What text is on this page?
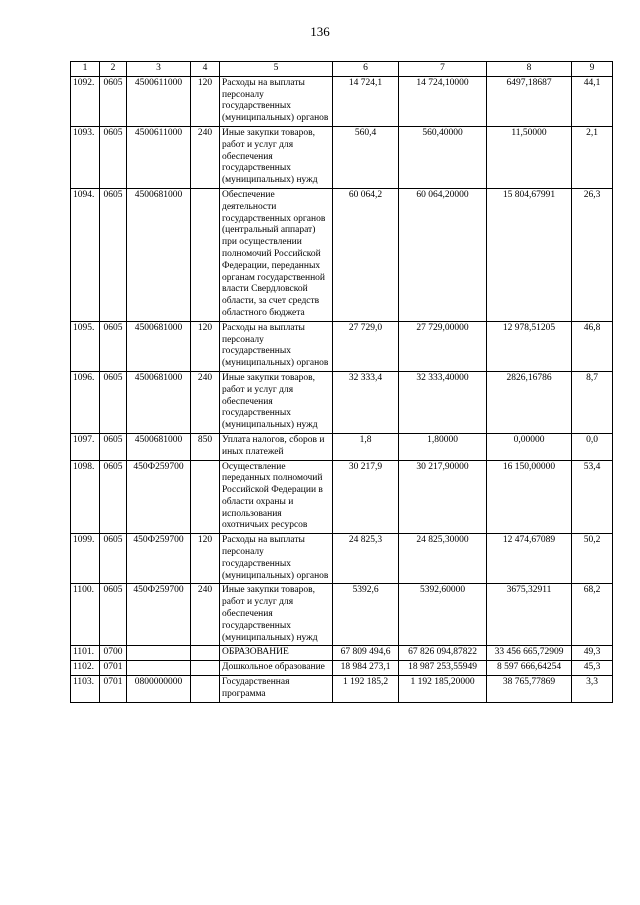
136
1	2	3	4	5	6	7	8	9
1092.	0605	4500611000	120	Расходы на выплаты персоналу государственных (муниципальных) органов	14 724,1	14 724,10000	6497,18687	44,1
1093.	0605	4500611000	240	Иные закупки товаров, работ и услуг для обеспечения государственных (муниципальных) нужд	560,4	560,40000	11,50000	2,1
1094.	0605	4500681000		Обеспечение деятельности государственных органов (центральный аппарат) при осуществлении полномочий Российской Федерации, переданных органам государственной власти Свердловской области, за счет средств областного бюджета	60 064,2	60 064,20000	15 804,67991	26,3
1095.	0605	4500681000	120	Расходы на выплаты персоналу государственных (муниципальных) органов	27 729,0	27 729,00000	12 978,51205	46,8
1096.	0605	4500681000	240	Иные закупки товаров, работ и услуг для обеспечения государственных (муниципальных) нужд	32 333,4	32 333,40000	2826,16786	8,7
1097.	0605	4500681000	850	Уплата налогов, сборов и иных платежей	1,8	1,80000	0,00000	0,0
1098.	0605	450Ф259700		Осуществление переданных полномочий Российской Федерации в области охраны и использования охотничьих ресурсов	30 217,9	30 217,90000	16 150,00000	53,4
1099.	0605	450Ф259700	120	Расходы на выплаты персоналу государственных (муниципальных) органов	24 825,3	24 825,30000	12 474,67089	50,2
1100.	0605	450Ф259700	240	Иные закупки товаров, работ и услуг для обеспечения государственных (муниципальных) нужд	5392,6	5392,60000	3675,32911	68,2
1101.	0700			ОБРАЗОВАНИЕ	67 809 494,6	67 826 094,87822	33 456 665,72909	49,3
1102.	0701			Дошкольное образование	18 984 273,1	18 987 253,55949	8 597 666,64254	45,3
1103.	0701	0800000000		Государственная программа	1 192 185,2	1 192 185,20000	38 765,77869	3,3
